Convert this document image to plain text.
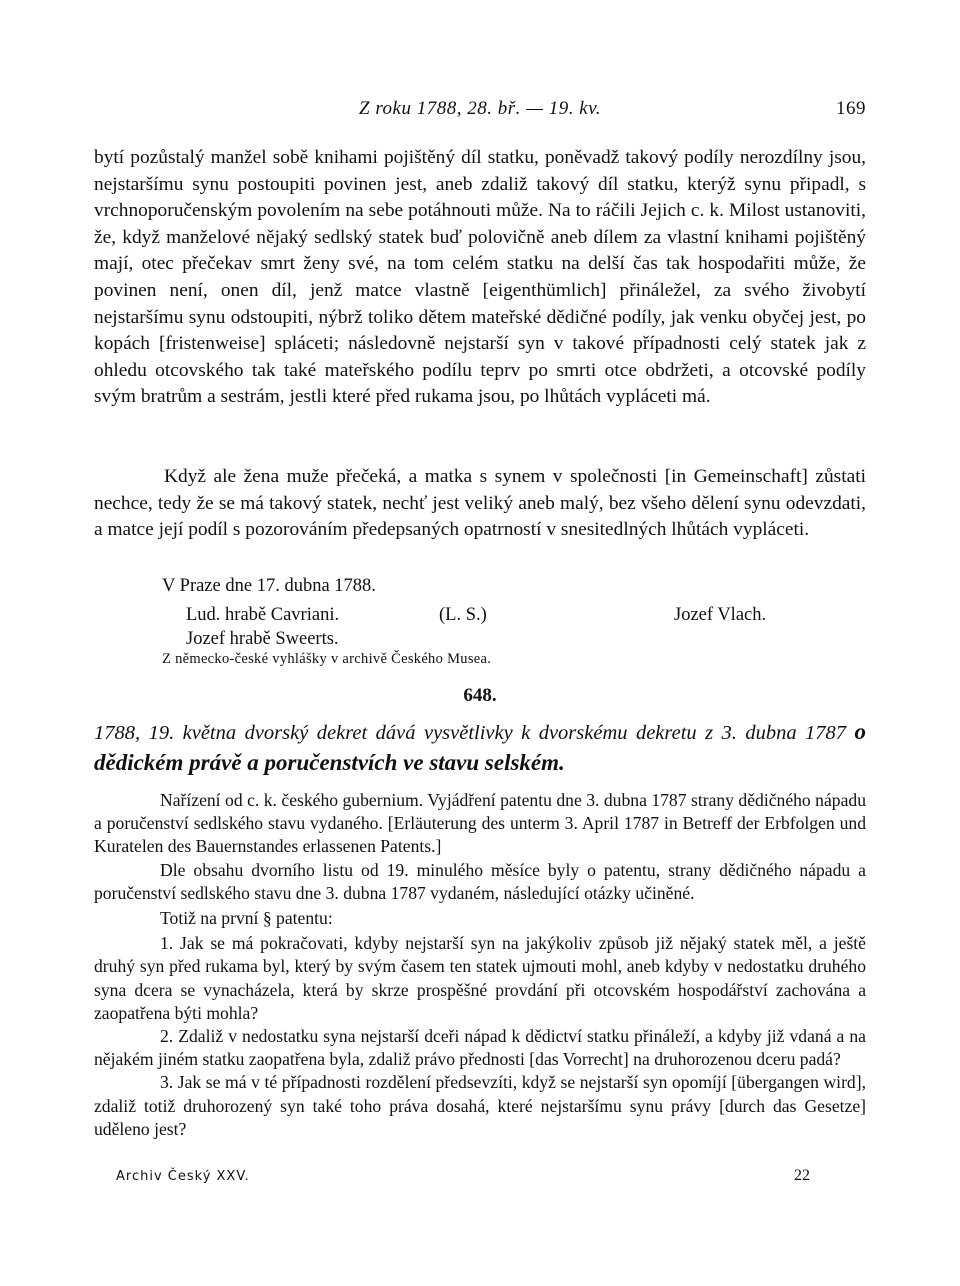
Z roku 1788, 28. bř. — 19. kv.	169

bytí pozůstalý manžel sobě knihami pojištěný díl statku, poněvadž takový podíly nerozdílny jsou, nejstaršímu synu postoupiti povinen jest, aneb zdaliž takový díl statku, kterýž synu připadl, s vrchnoporučenským povolením na sebe potáhnouti může. Na to ráčili Jejich c. k. Milost ustanoviti, že, když manželové nějaký sedlský statek buď polovičně aneb dílem za vlastní knihami pojištěný mají, otec přečekav smrt ženy své, na tom celém statku na delší čas tak hospodařiti může, že povinen není, onen díl, jenž matce vlastně [eigenthümlich] přináležel, za svého živobytí nejstaršímu synu odstoupiti, nýbrž toliko dětem mateřské dědičné podíly, jak venku obyčej jest, po kopách [fristenweise] spláceti; následovně nejstarší syn v takové případnosti celý statek jak z ohledu otcovského tak také mateřského podílu teprv po smrti otce obdržeti, a otcovské podíly svým bratrům a sestrám, jestli které před rukama jsou, po lhůtách vypláceti má.

Když ale žena muže přečeká, a matka s synem v společnosti [in Gemeinschaft] zůstati nechce, tedy že se má takový statek, nechť jest veliký aneb malý, bez všeho dělení synu odevzdati, a matce její podíl s pozorováním předepsaných opatrností v snesitedlných lhůtách vypláceti.

V Praze dne 17. dubna 1788.
Lud. hrabě Cavriani.	(L. S.)	Jozef Vlach.
Jozef hrabě Sweerts.
Z německo-české vyhlášky v archivě Českého Musea.
648.
1788, 19. května dvorský dekret dává vysvětlivky k dvorskému dekretu z 3. dubna 1787 o dědickém právě a poručenstvích ve stavu selském.

Nařízení od c. k. českého gubernium. Vyjádření patentu dne 3. dubna 1787 strany dědičného nápadu a poručenství sedlského stavu vydaného. [Erläuterung des unterm 3. April 1787 in Betreff der Erbfolgen und Kuratelen des Bauernstandes erlassenen Patents.]

Dle obsahu dvorního listu od 19. minulého měsíce byly o patentu, strany dědičného nápadu a poručenství sedlského stavu dne 3. dubna 1787 vydaném, následující otázky učiněné.

Totiž na první § patentu:

1. Jak se má pokračovati, kdyby nejstarší syn na jakýkoliv způsob již nějaký statek měl, a ještě druhý syn před rukama byl, který by svým časem ten statek ujmouti mohl, aneb kdyby v nedostatku druhého syna dcera se vynacházela, která by skrze prospěšné provdání při otcovském hospodářství zachována a zaopatřena býti mohla?

2. Zdaliž v nedostatku syna nejstarší dceři nápad k dědictví statku přináleží, a kdyby již vdaná a na nějakém jiném statku zaopatřena byla, zdaliž právo přednosti [das Vorrecht] na druhorozenou dceru padá?

3. Jak se má v té případnosti rozdělení předsevzíti, když se nejstarší syn opomíjí [übergangen wird], zdaliž totiž druhorozený syn také toho práva dosahá, které nejstaršímu synu právy [durch das Gesetze] uděleno jest?

Archiv Český XXV.	22
